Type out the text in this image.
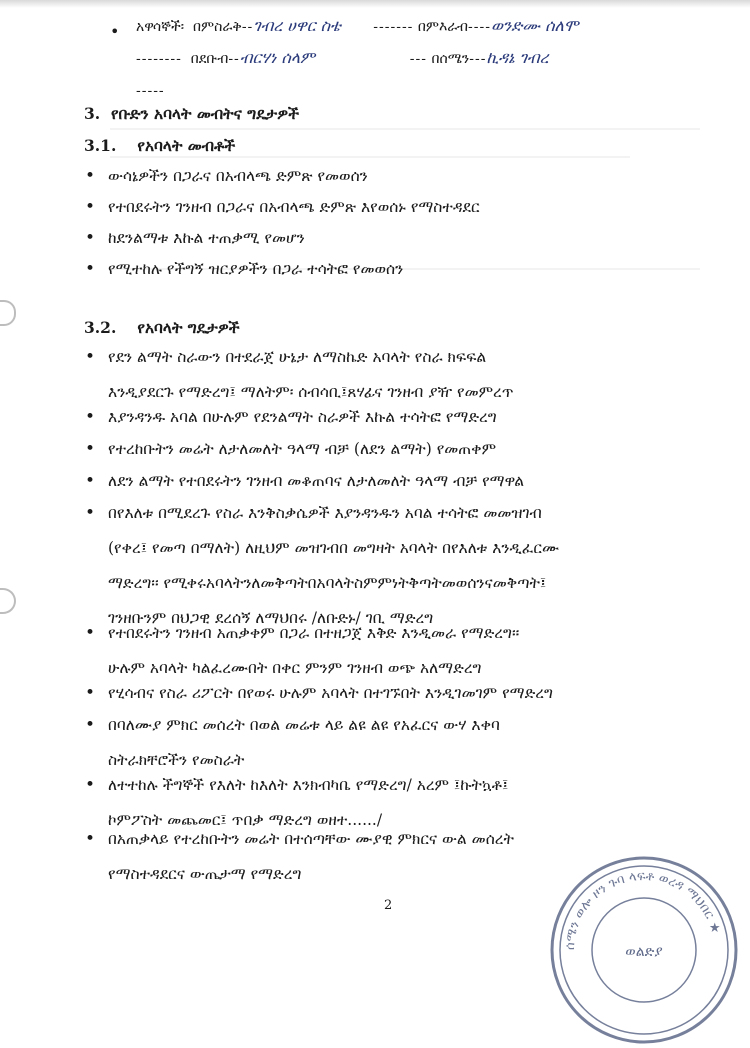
• አዋሳኞች፡ በምስራቅ--ገብረ ሀዋር ስቴ ------- በምእራብ----ወንድሙ ሰለሞ
-------- በደቡብ--ብርሃነ ሰላም	--- በሰሜን---ኪዳኔ ገብረ
-----
3. የቡድን አባላት መብትና ግዴታዎች
3.1. የአባላት መብቶች
• ውሳኔዎችን በጋራና በአብላጫ ድምጽ የመወሰን
• የተበደሩትን ገንዘብ በጋራና በአብላጫ ድምጽ እየወሰኑ የማስተዳደር
• ከደንልማቱ እኩል ተጠቃሚ የመሆን
• የሚተከሉ የችግኝ ዝርያዎችን በጋራ ተሳትፎ የመወሰን
3.2. የአባላት ግዴታዎች
• የደን ልማት ስራውን በተደራጀ ሁኔታ ለማስኬድ አባላት የስራ ክፍፍል
እንዲያደርጉ የማድረግ፤ ማለትም፡ ሰብሳቢ፤ጸሃፊና ገንዘብ ያዥ የመምረጥ
• እያንዳንዱ አባል በሁሉም የደንልማት ስራዎች እኩል ተሳትፎ የማድረግ
• የተረከቡትን መሬት ለታለመለት ዓላማ ብቻ (ለደን ልማት) የመጠቀም
• ለደን ልማት የተበደሩትን ገንዘብ መቆጠባና ለታለመለት ዓላማ ብቻ የማዋል
• በየእለቱ በሚደረጉ የስራ እንቅስቃሴዎች እያንዳንዱን አባል ተሳትፎ መመዝገብ
(የቀረ፤ የመጣ በማለት) ለዚህም መዝገብበ መግዛት አባላት በየእለቱ እንዲፈርሙ
ማድረግ፡፡ የሚቀሩአባላትንለመቅጣትበአባላትስምምነትቅጣትመወሰንናመቅጣት፤
ገንዘቡንም በህጋዊ ደረሰኝ ለማህበሩ /ለቡድኑ/ ገቢ ማድረግ
• የተበደሩትን ገንዘብ አጠቃቀም በጋራ በተዘጋጀ እቅድ እንዲመራ የማድረግ፡፡
ሁሉም አባላት ካልፈረሙበት በቀር ምንም ገንዘብ ወጭ አለማድረግ
• የሂሳብና የስራ ሪፖርት በየወሩ ሁሉም አባላት በተገኙበት እንዲገመገም የማድረግ
• በባለሙያ ምክር መሰረት በወል መሬቱ ላይ ልዩ ልዩ የአፈርና ውሃ እቀባ
ስትራክቸሮችን የመስራት
• ለተተከሉ ችግኞች የእለት ከእለት እንክብካቤ የማድረግ/ አረም ፤ኩትኳቶ፤
ኮምፖስት መጨመር፤ ጥበቃ ማድረግ ወዘተ....../
• በአጠቃላይ የተረከቡትን መሬት በተሰጣቸው ሙያዊ ምክርና ውል መሰረት
የማስተዳደርና ውጤታማ የማድረግ
2
ሰሜን ወሎ ዞን ጉባ ላፍቶ ወረዳ ማህበር ★
ወልድያ
